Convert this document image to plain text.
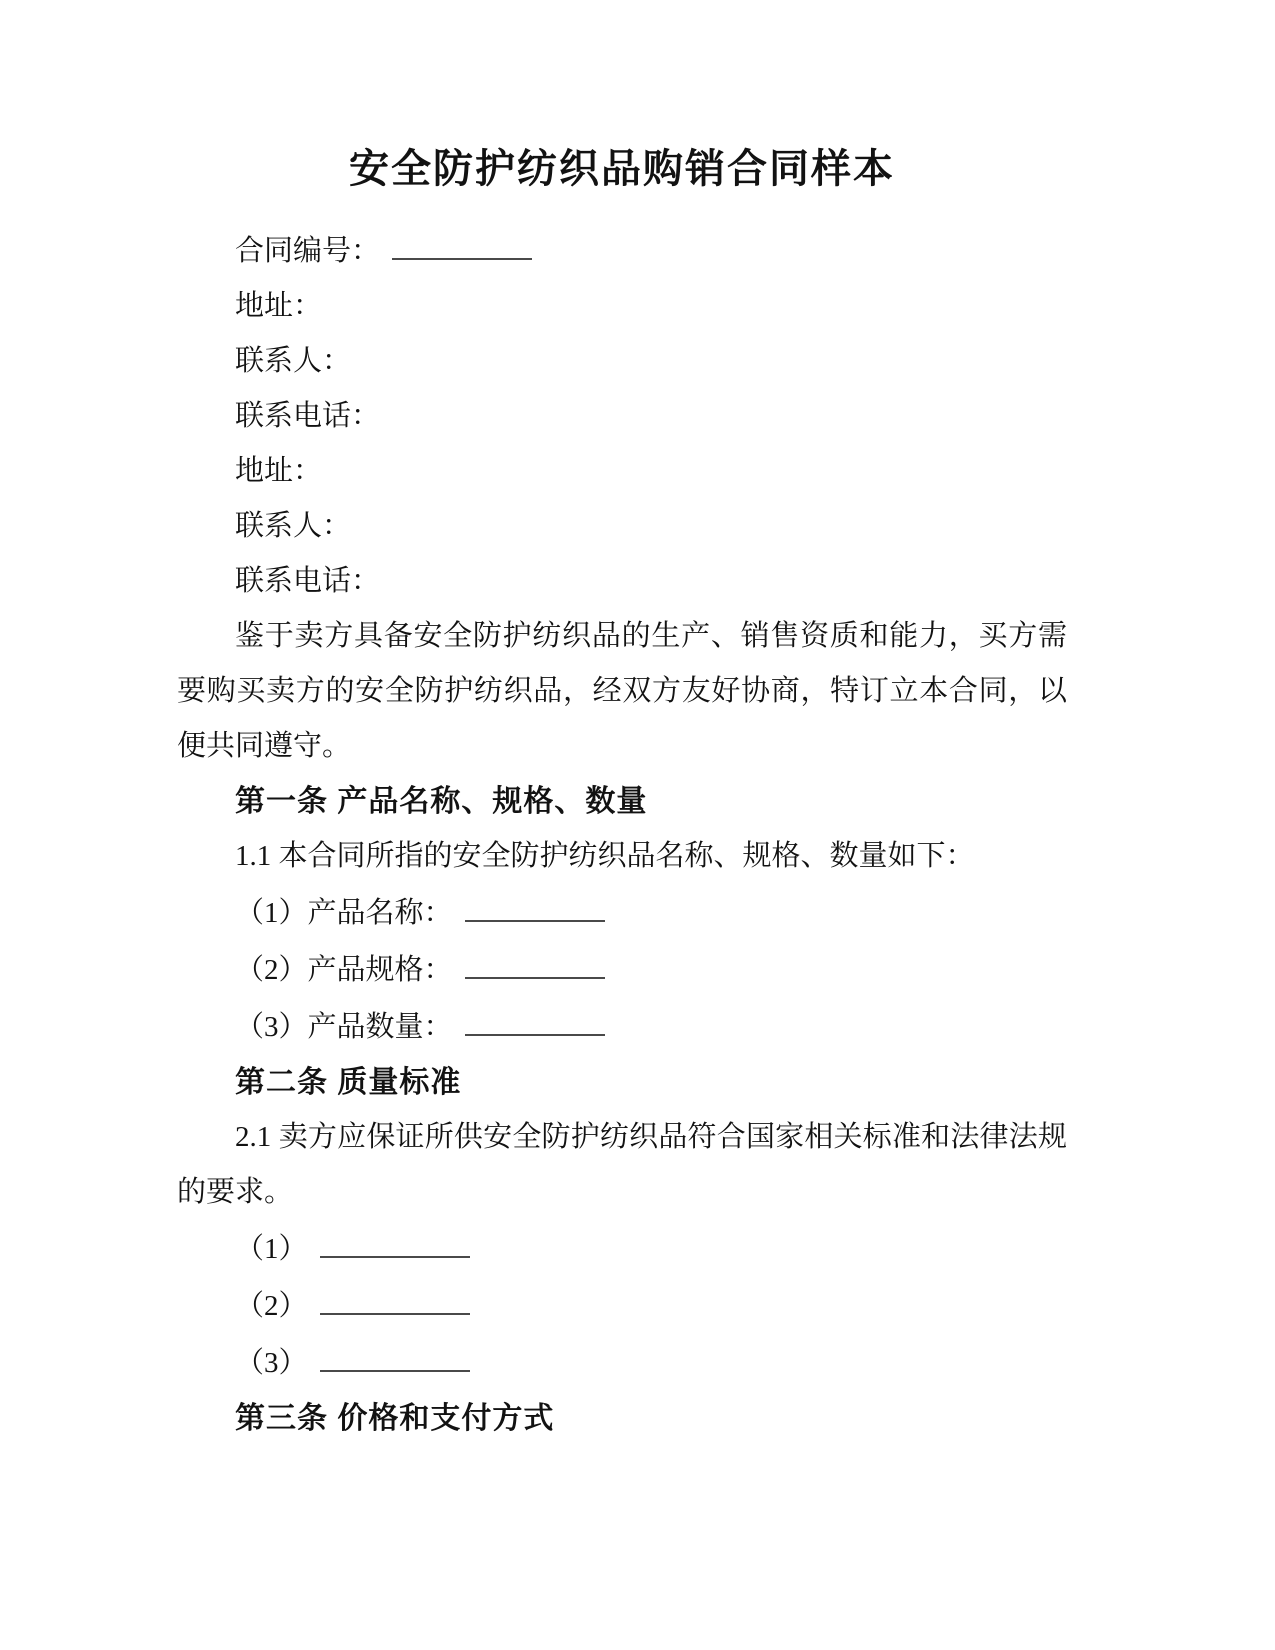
安全防护纺织品购销合同样本

合同编号：

地址：

联系人：

联系电话：

地址：

联系人：

联系电话：

鉴于卖方具备安全防护纺织品的生产、销售资质和能力，买方需要购买卖方的安全防护纺织品，经双方友好协商，特订立本合同，以便共同遵守。

第一条 产品名称、规格、数量

1.1 本合同所指的安全防护纺织品名称、规格、数量如下：

（1）产品名称：

（2）产品规格：

（3）产品数量：

第二条 质量标准

2.1 卖方应保证所供安全防护纺织品符合国家相关标准和法律法规的要求。

（1）

（2）

（3）

第三条 价格和支付方式
